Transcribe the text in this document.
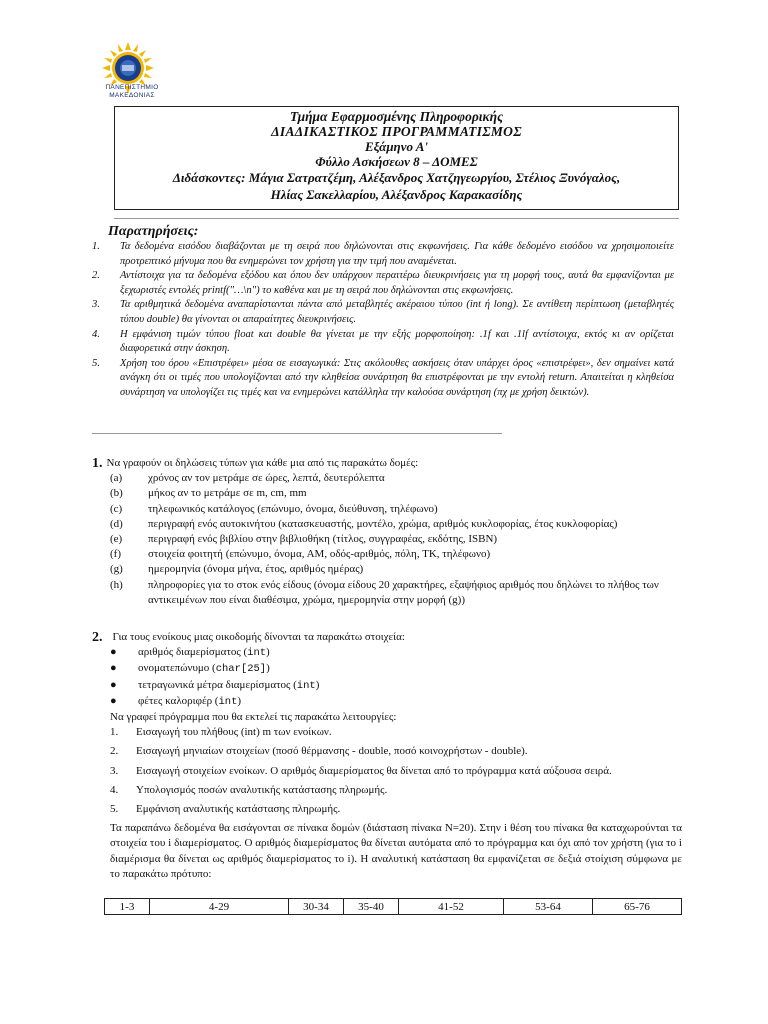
ΠΑΝΕΠΙΣΤΗΜΙΟ
ΜΑΚΕΔΟΝΙΑΣ
Τμήμα Εφαρμοσμένης Πληροφορικής
ΔΙΑΔΙΚΑΣΤΙΚΟΣ ΠΡΟΓΡΑΜΜΑΤΙΣΜΟΣ
Εξάμηνο Α'
Φύλλο Ασκήσεων 8 – ΔΟΜΕΣ
Διδάσκοντες: Μάγια Σατρατζέμη, Αλέξανδρος Χατζηγεωργίου, Στέλιος Ξυνόγαλος,
Ηλίας Σακελλαρίου, Αλέξανδρος Καρακασίδης
Παρατηρήσεις:
1.	Τα δεδομένα εισόδου διαβάζονται με τη σειρά που δηλώνονται στις εκφωνήσεις. Για κάθε δεδομένο εισόδου να χρησιμοποιείτε προτρεπτικό μήνυμα που θα ενημερώνει τον χρήστη για την τιμή που αναμένεται.
2.	Αντίστοιχα για τα δεδομένα εξόδου και όπου δεν υπάρχουν περαιτέρω διευκρινήσεις για τη μορφή τους, αυτά θα εμφανίζονται με ξεχωριστές εντολές printf("…\n") το καθένα και με τη σειρά που δηλώνονται στις εκφωνήσεις.
3.	Τα αριθμητικά δεδομένα αναπαρίστανται πάντα από μεταβλητές ακέραιου τύπου (int ή long). Σε αντίθετη περίπτωση (μεταβλητές τύπου double) θα γίνονται οι απαραίτητες διευκρινήσεις.
4.	Η εμφάνιση τιμών τύπου float και double θα γίνεται με την εξής μορφοποίηση: .1f και .1lf αντίστοιχα, εκτός κι αν ορίζεται διαφορετικά στην άσκηση.
5.	Χρήση του όρου «Επιστρέφει» μέσα σε εισαγωγικά: Στις ακόλουθες ασκήσεις όταν υπάρχει όρος «επιστρέφει», δεν σημαίνει κατά ανάγκη ότι οι τιμές που υπολογίζονται από την κληθείσα συνάρτηση θα επιστρέφονται με την εντολή return. Απαιτείται η κληθείσα συνάρτηση να υπολογίζει τις τιμές και να ενημερώνει κατάλληλα την καλούσα συνάρτηση (πχ με χρήση δεικτών).
1. Να γραφούν οι δηλώσεις τύπων για κάθε μια από τις παρακάτω δομές:
(a)	χρόνος αν τον μετράμε σε ώρες, λεπτά, δευτερόλεπτα
(b)	μήκος αν το μετράμε σε m, cm, mm
(c)	τηλεφωνικός κατάλογος (επώνυμο, όνομα, διεύθυνση, τηλέφωνο)
(d)	περιγραφή ενός αυτοκινήτου (κατασκευαστής, μοντέλο, χρώμα, αριθμός κυκλοφορίας, έτος κυκλοφορίας)
(e)	περιγραφή ενός βιβλίου στην βιβλιοθήκη (τίτλος, συγγραφέας, εκδότης, ISBN)
(f)	στοιχεία φοιτητή (επώνυμο, όνομα, ΑΜ, οδός-αριθμός, πόλη, ΤΚ, τηλέφωνο)
(g)	ημερομηνία (όνομα μήνα, έτος, αριθμός ημέρας)
(h)	πληροφορίες για το στοκ ενός είδους (όνομα είδους 20 χαρακτήρες, εξαψήφιος αριθμός που δηλώνει το πλήθος των αντικειμένων που είναι διαθέσιμα, χρώμα, ημερομηνία στην μορφή (g))
2. Για τους ενοίκους μιας οικοδομής δίνονται τα παρακάτω στοιχεία:
●	αριθμός διαμερίσματος (int)
●	ονοματεπώνυμο (char[25])
●	τετραγωνικά μέτρα διαμερίσματος (int)
●	φέτες καλοριφέρ (int)
Να γραφεί πρόγραμμα που θα εκτελεί τις παρακάτω λειτουργίες:
1.	Εισαγωγή του πλήθους (int) m των ενοίκων.
2.	Εισαγωγή μηνιαίων στοιχείων (ποσό θέρμανσης - double, ποσό κοινοχρήστων - double).
3.	Εισαγωγή στοιχείων ενοίκων. Ο αριθμός διαμερίσματος θα δίνεται από το πρόγραμμα κατά αύξουσα σειρά.
4.	Υπολογισμός ποσών αναλυτικής κατάστασης πληρωμής.
5.	Εμφάνιση αναλυτικής κατάστασης πληρωμής.
Τα παραπάνω δεδομένα θα εισάγονται σε πίνακα δομών (διάσταση πίνακα N=20). Στην i θέση του πίνακα θα καταχωρούνται τα στοιχεία του i διαμερίσματος. Ο αριθμός διαμερίσματος θα δίνεται αυτόματα από το πρόγραμμα και όχι από τον χρήστη (για το i διαμέρισμα θα δίνεται ως αριθμός διαμερίσματος το i). Η αναλυτική κατάσταση θα εμφανίζεται σε δεξιά στοίχιση σύμφωνα με το παρακάτω πρότυπο:
1-3	4-29	30-34	35-40	41-52	53-64	65-76
